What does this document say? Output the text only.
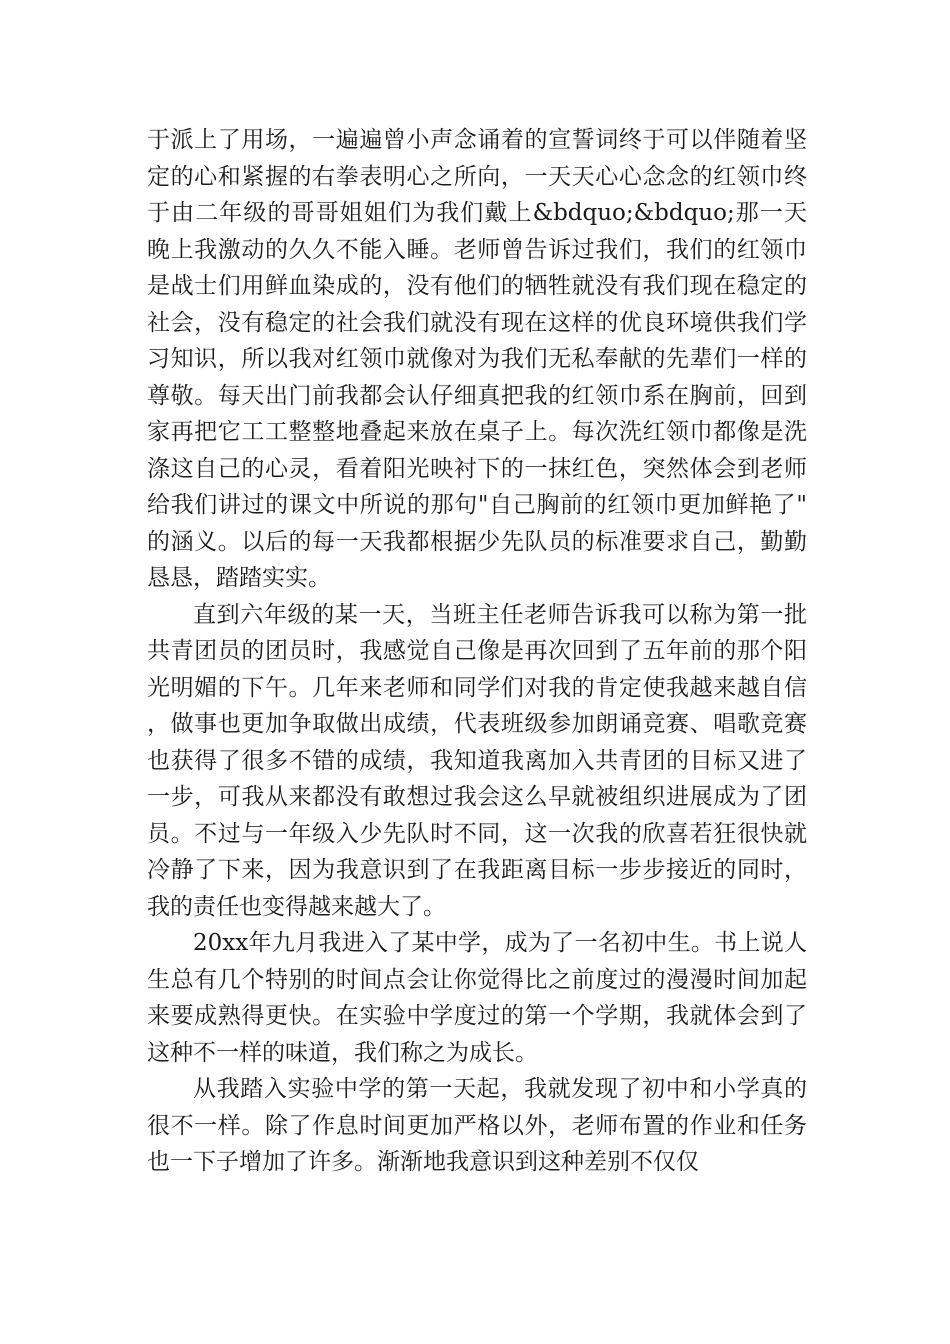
于派上了用场，一遍遍曾小声念诵着的宣誓词终于可以伴随着坚定的心和紧握的右拳表明心之所向，一天天心心念念的红领巾终于由二年级的哥哥姐姐们为我们戴上&bdquo;&bdquo;那一天晚上我激动的久久不能入睡。老师曾告诉过我们，我们的红领巾是战士们用鲜血染成的，没有他们的牺牲就没有我们现在稳定的社会，没有稳定的社会我们就没有现在这样的优良环境供我们学习知识，所以我对红领巾就像对为我们无私奉献的先辈们一样的尊敬。每天出门前我都会认仔细真把我的红领巾系在胸前，回到家再把它工工整整地叠起来放在桌子上。每次洗红领巾都像是洗涤这自己的心灵，看着阳光映衬下的一抹红色，突然体会到老师给我们讲过的课文中所说的那句"自己胸前的红领巾更加鲜艳了"的涵义。以后的每一天我都根据少先队员的标准要求自己，勤勤恳恳，踏踏实实。

直到六年级的某一天，当班主任老师告诉我可以称为第一批共青团员的团员时，我感觉自己像是再次回到了五年前的那个阳光明媚的下午。几年来老师和同学们对我的肯定使我越来越自信，做事也更加争取做出成绩，代表班级参加朗诵竞赛、唱歌竞赛也获得了很多不错的成绩，我知道我离加入共青团的目标又进了一步，可我从来都没有敢想过我会这么早就被组织进展成为了团员。不过与一年级入少先队时不同，这一次我的欣喜若狂很快就冷静了下来，因为我意识到了在我距离目标一步步接近的同时，我的责任也变得越来越大了。

20xx年九月我进入了某中学，成为了一名初中生。书上说人生总有几个特别的时间点会让你觉得比之前度过的漫漫时间加起来要成熟得更快。在实验中学度过的第一个学期，我就体会到了这种不一样的味道，我们称之为成长。

从我踏入实验中学的第一天起，我就发现了初中和小学真的很不一样。除了作息时间更加严格以外，老师布置的作业和任务也一下子增加了许多。渐渐地我意识到这种差别不仅仅
